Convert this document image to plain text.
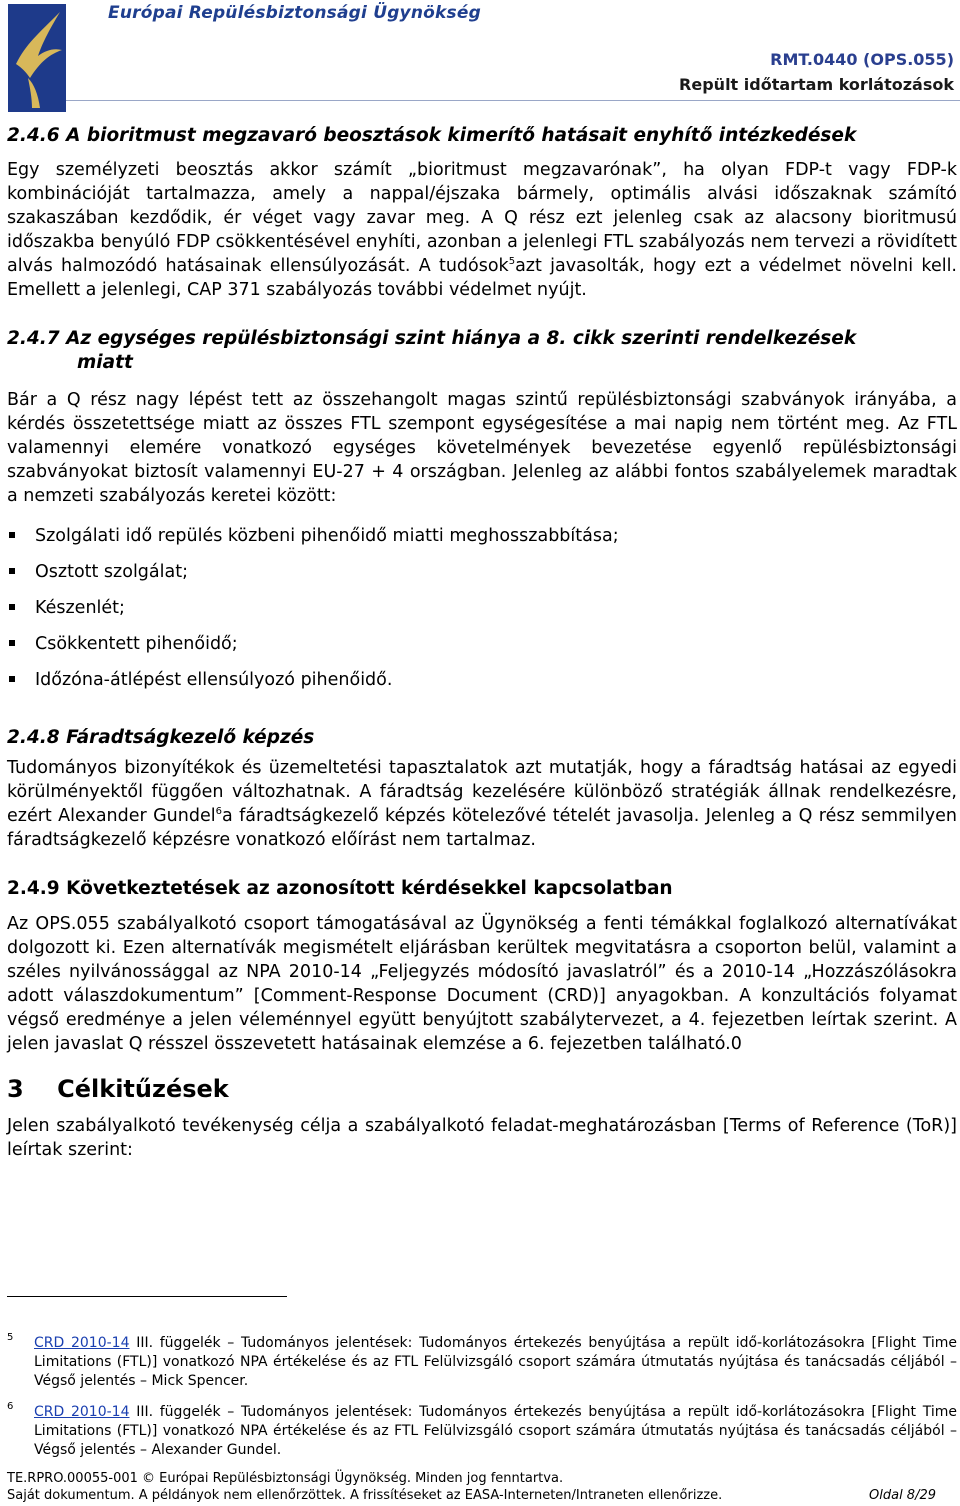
Európai Repülésbiztonsági Ügynökség
RMT.0440 (OPS.055)
Repült időtartam korlátozások
2.4.6 A bioritmust megzavaró beosztások kimerítő hatásait enyhítő intézkedések

Egy személyzeti beosztás akkor számít „bioritmust megzavarónak”, ha olyan FDP-t vagy FDP-k kombinációját tartalmazza, amely a nappal/éjszaka bármely, optimális alvási időszaknak számító szakaszában kezdődik, ér véget vagy zavar meg. A Q rész ezt jelenleg csak az alacsony bioritmusú időszakba benyúló FDP csökkentésével enyhíti, azonban a jelenlegi FTL szabályozás nem tervezi a rövidített alvás halmozódó hatásainak ellensúlyozását. A tudósok$^5$azt javasolták, hogy ezt a védelmet növelni kell. Emellett a jelenlegi, CAP 371 szabályozás további védelmet nyújt.

2.4.7 Az egységes repülésbiztonsági szint hiánya a 8. cikk szerinti rendelkezések
miatt

Bár a Q rész nagy lépést tett az összehangolt magas szintű repülésbiztonsági szabványok irányába, a kérdés összetettsége miatt az összes FTL szempont egységesítése a mai napig nem történt meg. Az FTL valamennyi elemére vonatkozó egységes követelmények bevezetése egyenlő repülésbiztonsági szabványokat biztosít valamennyi EU-27 + 4 országban. Jelenleg az alábbi fontos szabályelemek maradtak a nemzeti szabályozás keretei között:

Szolgálati idő repülés közbeni pihenőidő miatti meghosszabbítása;
Osztott szolgálat;
Készenlét;
Csökkentett pihenőidő;
Időzóna-átlépést ellensúlyozó pihenőidő.
2.4.8 Fáradtságkezelő képzés

Tudományos bizonyítékok és üzemeltetési tapasztalatok azt mutatják, hogy a fáradtság hatásai az egyedi körülményektől függően változhatnak. A fáradtság kezelésére különböző stratégiák állnak rendelkezésre, ezért Alexander Gundel$^6$a fáradtságkezelő képzés kötelezővé tételét javasolja. Jelenleg a Q rész semmilyen fáradtságkezelő képzésre vonatkozó előírást nem tartalmaz.

2.4.9 Következtetések az azonosított kérdésekkel kapcsolatban

Az OPS.055 szabályalkotó csoport támogatásával az Ügynökség a fenti témákkal foglalkozó alternatívákat dolgozott ki. Ezen alternatívák megismételt eljárásban kerültek megvitatásra a csoporton belül, valamint a széles nyilvánossággal az NPA 2010-14 „Feljegyzés módosító javaslatról” és a 2010-14 „Hozzászólásokra adott válaszdokumentum” [Comment-Response Document (CRD)] anyagokban. A konzultációs folyamat végső eredménye a jelen véleménnyel együtt benyújtott szabálytervezet, a 4. fejezetben leírtak szerint. A jelen javaslat Q résszel összevetett hatásainak elemzése a 6. fejezetben található.0

3    Célkitűzések

Jelen szabályalkotó tevékenység célja a szabályalkotó feladat-meghatározásban [Terms of Reference (ToR)] leírtak szerint:

5 CRD 2010-14 III. függelék – Tudományos jelentések: Tudományos értekezés benyújtása a repült idő-korlátozásokra [Flight Time Limitations (FTL)] vonatkozó NPA értékelése és az FTL Felülvizsgáló csoport számára útmutatás nyújtása és tanácsadás céljából – Végső jelentés – Mick Spencer.
6 CRD 2010-14 III. függelék – Tudományos jelentések: Tudományos értekezés benyújtása a repült idő-korlátozásokra [Flight Time Limitations (FTL)] vonatkozó NPA értékelése és az FTL Felülvizsgáló csoport számára útmutatás nyújtása és tanácsadás céljából – Végső jelentés – Alexander Gundel.
TE.RPRO.00055-001 © Európai Repülésbiztonsági Ügynökség. Minden jog fenntartva.
Saját dokumentum. A példányok nem ellenőrzöttek. A frissítéseket az EASA-Interneten/Intraneten ellenőrizze.	Oldal 8/29
